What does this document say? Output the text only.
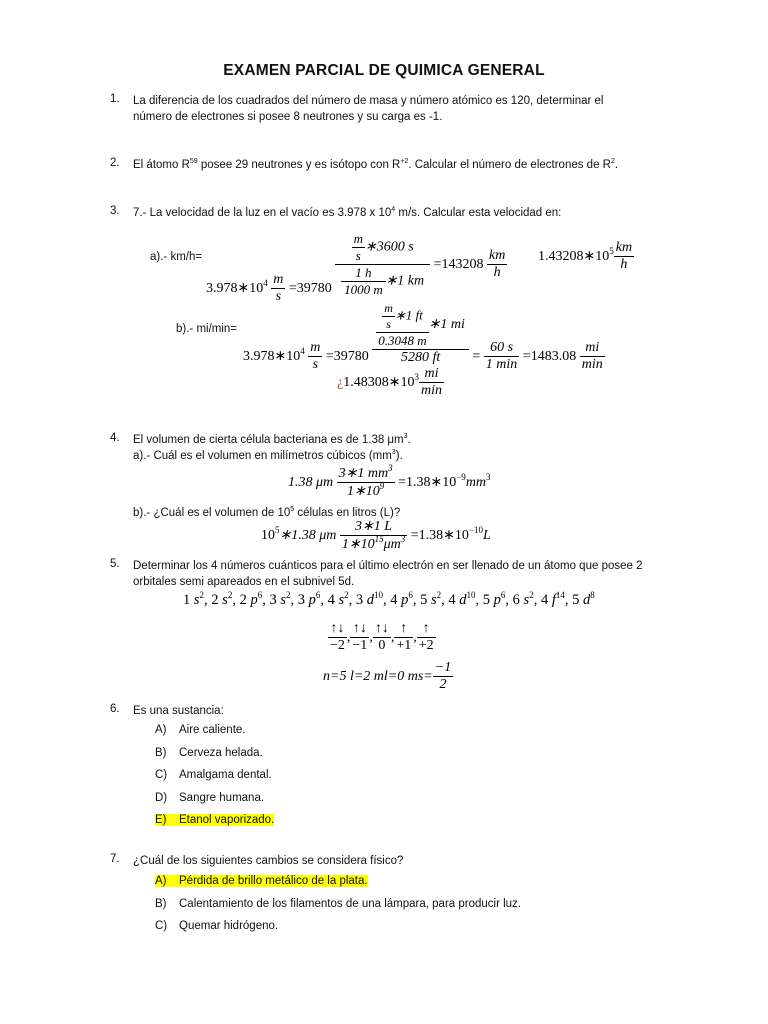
EXAMEN PARCIAL DE QUIMICA GENERAL
1. La diferencia de los cuadrados del número de masa y número atómico es 120, determinar el
número de electrones si posee 8 neutrones y su carga es -1.
2. El átomo $R^{59}$ posee 29 neutrones y es isótopo con $R^{+2}$. Calcular el número de electrones de $R^2$.
3. 7.- La velocidad de la luz en el vacío es 3.978 x $10^4$ m/s. Calcular esta velocidad en:
a).- km/h=
$3.978∗10^4 \frac{m}{s} =39780 \frac{\frac{m}{s} ∗3600 s}{\frac{1 h}{1000 m} ∗1 km} =143208 \frac{km}{h}$ $1.43208∗10^5 \frac{km}{h}$
b).- mi/min=
$3.978∗10^4 \frac{m}{s} =39780 \frac{\frac{\frac{m}{s} ∗1 ft}{0.3048 m} ∗1 mi}{5280 ft} = \frac{60 s}{1 \min} =1483.08 \frac{mi}{\min}$
¿$1.48308∗10^3 \frac{mi}{\min}$
4. El volumen de cierta célula bacteriana es de 1.38 $\mu m^3$.
a).- Cuál es el volumen en milímetros cúbicos $(mm^3)$.
1.38 μm $\frac{3∗1 mm^3}{1∗10^9}$ $=1.38∗10^{-9}mm^3$
b).- ¿Cuál es el volumen de $10^5$ células en litros (L)?
$10^5∗1.38$ μm $\frac{3∗1 L}{1∗10^{15}\mu m^3}$ $=1.38∗10^{-10}L$
5. Determinar los 4 números cuánticos para el último electrón en ser llenado de un átomo que posee 2
orbitales semi apareados en el subnivel 5d.
1 $s^2$, 2 $s^2$, 2 $p^6$, 3 $s^2$, 3 $p^6$, 4 $s^2$, 3 $d^{10}$, 4 $p^6$, 5 $s^2$, 4 $d^{10}$, 5 $p^6$, 6 $s^2$, 4 $f^{14}$, 5 $d^8$
$\frac{↑↓}{-2}$ , $\frac{↑↓}{-1}$ , $\frac{↑↓}{0}$ , $\frac{↑}{+1}$ , $\frac{↑}{+2}$
n=5 l=2 ml=0 $ms= \frac{-1}{2}$
6. Es una sustancia:
A) Aire caliente.
B) Cerveza helada.
C) Amalgama dental.
D) Sangre humana.
E)	Etanol vaporizado.
7. ¿Cuál de los siguientes cambios se considera físico?
A)	Pérdida de brillo metálico de la plata.
B) Calentamiento de los filamentos de una lámpara, para producir luz.
C) Quemar hidrógeno.
